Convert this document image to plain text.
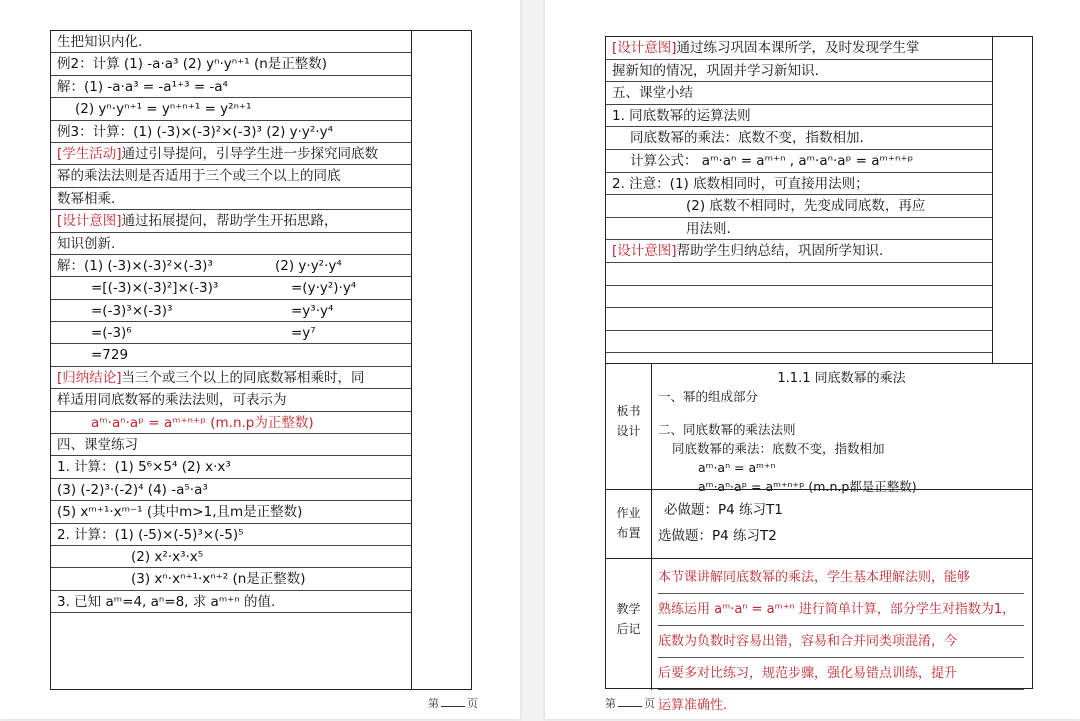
生把知识内化.
例2：计算 (1) -a·a³ (2) yⁿ·yⁿ⁺¹ (n是正整数)
解：(1) -a·a³ = -a¹⁺³ = -a⁴
(2) yⁿ·yⁿ⁺¹ = yⁿ⁺ⁿ⁺¹ = y²ⁿ⁺¹
例3：计算：(1) (-3)×(-3)²×(-3)³ (2) y·y²·y⁴
[学生活动]通过引导提问，引导学生进一步探究同底数
幂的乘法法则是否适用于三个或三个以上的同底
数幂相乘.
[设计意图]通过拓展提问，帮助学生开拓思路，
知识创新.
解：(1) (-3)×(-3)²×(-3)³	(2) y·y²·y⁴
=[(-3)×(-3)²]×(-3)³	=(y·y²)·y⁴
=(-3)³×(-3)³	=y³·y⁴
=(-3)⁶	=y⁷
=729
[归纳结论]当三个或三个以上的同底数幂相乘时，同
样适用同底数幂的乘法法则，可表示为
aᵐ·aⁿ·aᵖ = aᵐ⁺ⁿ⁺ᵖ (m.n.p为正整数)
四、课堂练习
1. 计算：(1) 5⁶×5⁴ (2) x·x³
(3) (-2)³·(-2)⁴ (4) -a⁵·a³
(5) xᵐ⁺¹·xᵐ⁻¹ (其中m>1,且m是正整数)
2. 计算：(1) (-5)×(-5)³×(-5)⁵
(2) x²·x³·x⁵
(3) xⁿ·xⁿ⁺¹·xⁿ⁺² (n是正整数)
3. 已知 aᵐ=4, aⁿ=8, 求 aᵐ⁺ⁿ 的值.
第	页
[设计意图]通过练习巩固本课所学，及时发现学生掌
握新知的情况，巩固并学习新知识.
五、课堂小结
1. 同底数幂的运算法则
同底数幂的乘法：底数不变，指数相加.
计算公式： aᵐ·aⁿ = aᵐ⁺ⁿ , aᵐ·aⁿ·aᵖ = aᵐ⁺ⁿ⁺ᵖ
2. 注意：(1) 底数相同时，可直接用法则；
(2) 底数不相同时，先变成同底数，再应
用法则.
[设计意图]帮助学生归纳总结，巩固所学知识.
板书设计
1.1.1 同底数幂的乘法
一、幂的组成部分
二、同底数幂的乘法法则
同底数幂的乘法：底数不变，指数相加
aᵐ·aⁿ = aᵐ⁺ⁿ
aᵐ·aⁿ·aᵖ = aᵐ⁺ⁿ⁺ᵖ (m.n.p都是正整数)
作业布置
必做题：P4 练习T1
选做题：P4 练习T2
教学后记
本节课讲解同底数幂的乘法，学生基本理解法则，能够
熟练运用 aᵐ·aⁿ = aᵐ⁺ⁿ 进行简单计算，部分学生对指数为1，
底数为负数时容易出错，容易和合并同类项混淆，今
后要多对比练习，规范步骤，强化易错点训练，提升
运算准确性.
第	页
